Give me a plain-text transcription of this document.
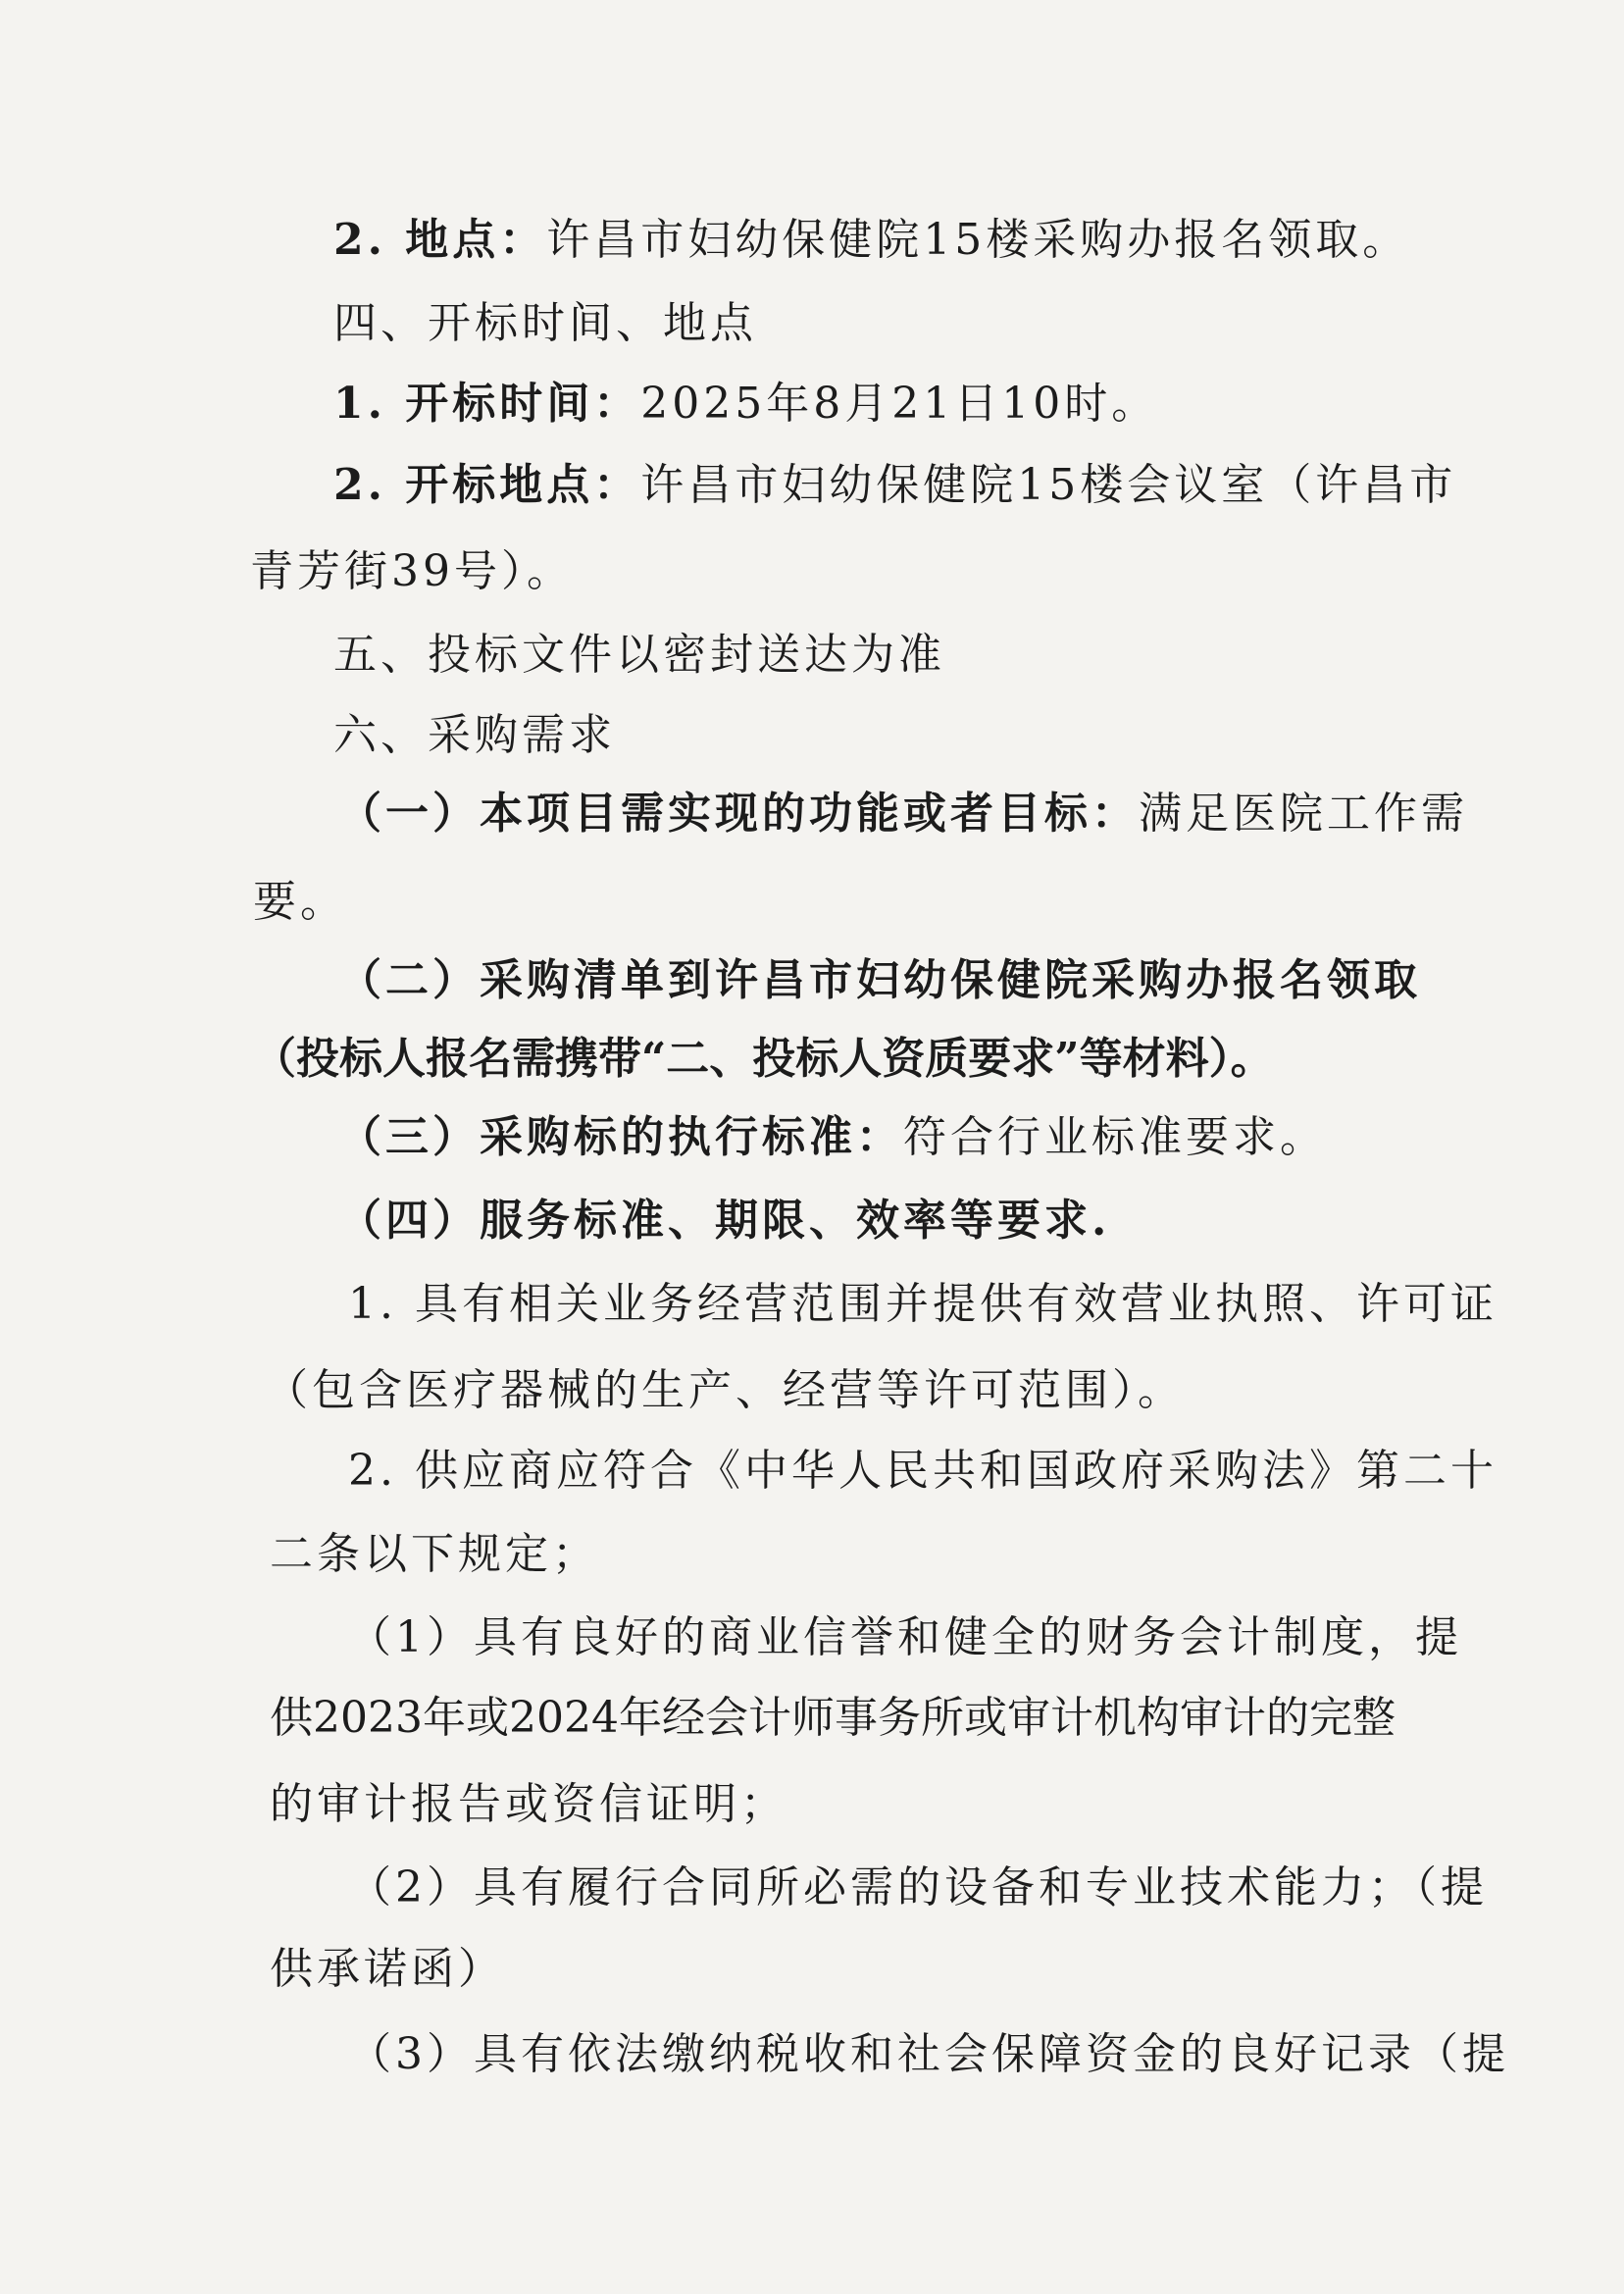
2. 地点：许昌市妇幼保健院15楼采购办报名领取。
四、开标时间、地点
1. 开标时间：2025年8月21日10时。
2. 开标地点：许昌市妇幼保健院15楼会议室（许昌市
青芳街39号）。
五、投标文件以密封送达为准
六、采购需求
（一）本项目需实现的功能或者目标：满足医院工作需
要。
（二）采购清单到许昌市妇幼保健院采购办报名领取
（投标人报名需携带“二、投标人资质要求”等材料）。
（三）采购标的执行标准：符合行业标准要求。
（四）服务标准、期限、效率等要求.
1. 具有相关业务经营范围并提供有效营业执照、许可证
（包含医疗器械的生产、经营等许可范围）。
2. 供应商应符合《中华人民共和国政府采购法》第二十
二条以下规定；
（1）具有良好的商业信誉和健全的财务会计制度，提
供2023年或2024年经会计师事务所或审计机构审计的完整
的审计报告或资信证明；
（2）具有履行合同所必需的设备和专业技术能力；（提
供承诺函）
（3）具有依法缴纳税收和社会保障资金的良好记录（提
